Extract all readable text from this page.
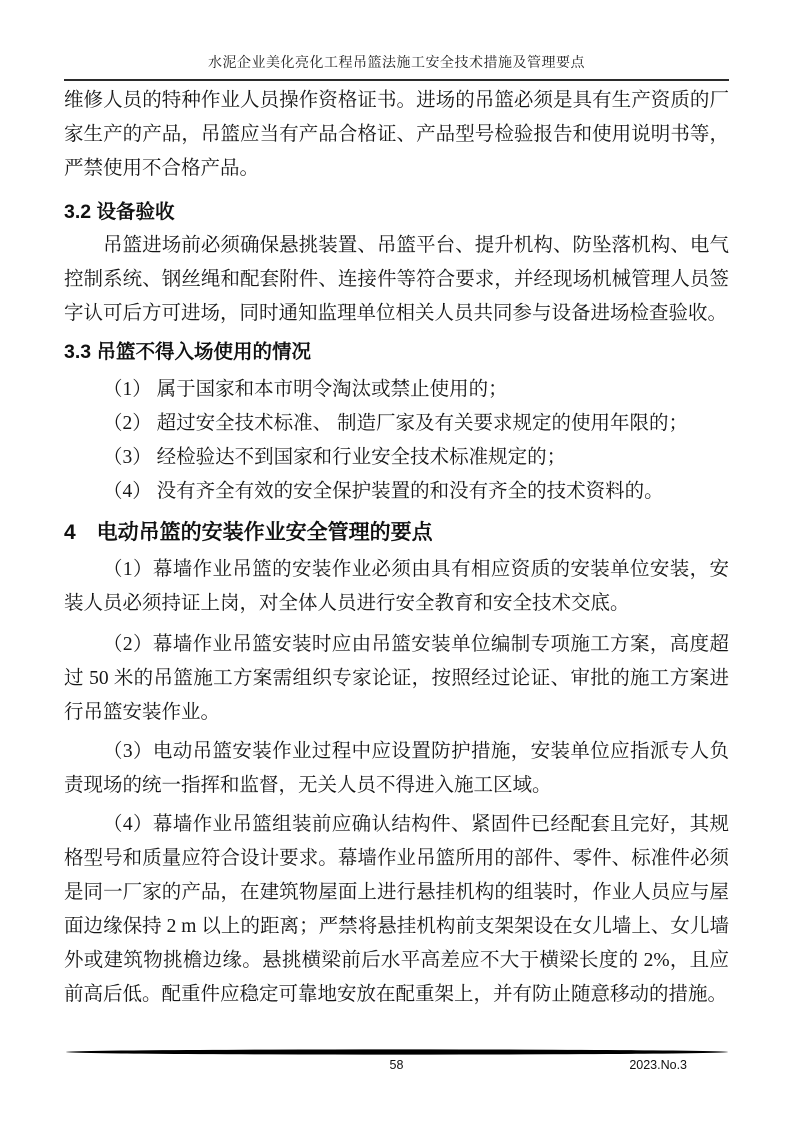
水泥企业美化亮化工程吊篮法施工安全技术措施及管理要点

维修人员的特种作业人员操作资格证书。进场的吊篮必须是具有生产资质的厂家生产的产品，吊篮应当有产品合格证、产品型号检验报告和使用说明书等，严禁使用不合格产品。

3.2 设备验收

吊篮进场前必须确保悬挑装置、吊篮平台、提升机构、防坠落机构、电气控制系统、钢丝绳和配套附件、连接件等符合要求，并经现场机械管理人员签字认可后方可进场，同时通知监理单位相关人员共同参与设备进场检查验收。

3.3 吊篮不得入场使用的情况

（1） 属于国家和本市明令淘汰或禁止使用的；

（2） 超过安全技术标准、 制造厂家及有关要求规定的使用年限的；

（3） 经检验达不到国家和行业安全技术标准规定的；

（4） 没有齐全有效的安全保护装置的和没有齐全的技术资料的。

4　电动吊篮的安装作业安全管理的要点

（1）幕墙作业吊篮的安装作业必须由具有相应资质的安装单位安装，安装人员必须持证上岗，对全体人员进行安全教育和安全技术交底。

（2）幕墙作业吊篮安装时应由吊篮安装单位编制专项施工方案，高度超过 50 米的吊篮施工方案需组织专家论证，按照经过论证、审批的施工方案进行吊篮安装作业。

（3）电动吊篮安装作业过程中应设置防护措施，安装单位应指派专人负责现场的统一指挥和监督，无关人员不得进入施工区域。

（4）幕墙作业吊篮组装前应确认结构件、紧固件已经配套且完好，其规格型号和质量应符合设计要求。幕墙作业吊篮所用的部件、零件、标准件必须是同一厂家的产品，在建筑物屋面上进行悬挂机构的组装时，作业人员应与屋面边缘保持 2 m 以上的距离；严禁将悬挂机构前支架架设在女儿墙上、女儿墙外或建筑物挑檐边缘。悬挑横梁前后水平高差应不大于横梁长度的 2%，且应前高后低。配重件应稳定可靠地安放在配重架上，并有防止随意移动的措施。

58	2023.No.3
